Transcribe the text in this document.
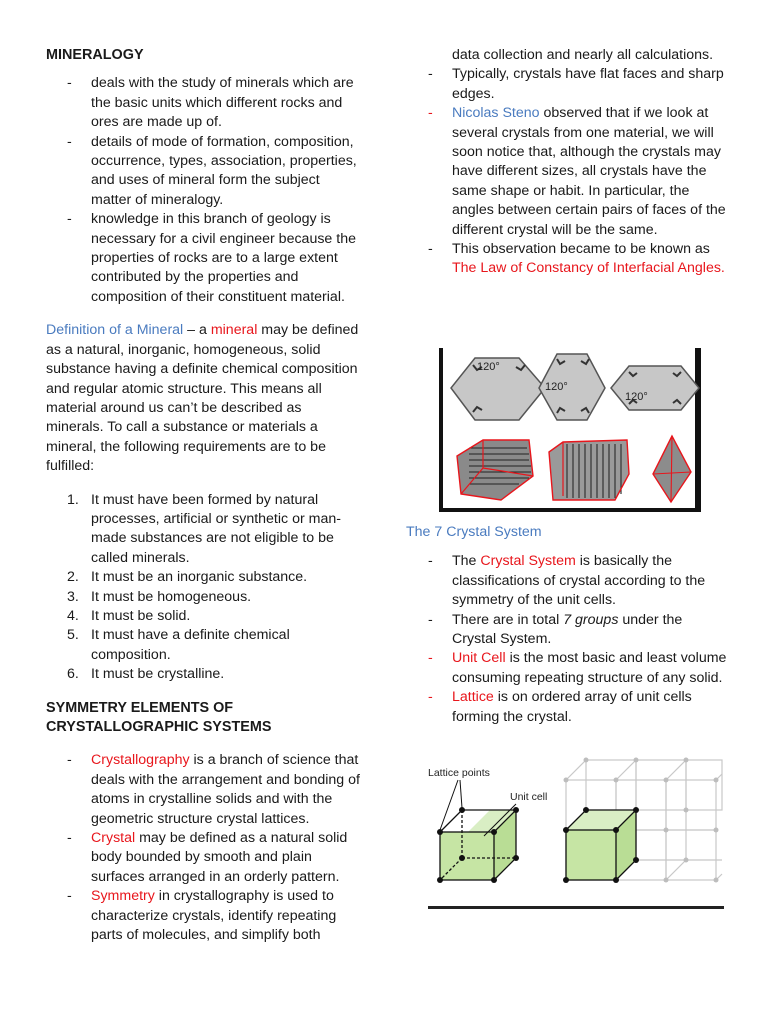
MINERALOGY
- deals with the study of minerals which are the basic units which different rocks and ores are made up of.
- details of mode of formation, composition, occurrence, types, association, properties, and uses of mineral form the subject matter of mineralogy.
- knowledge in this branch of geology is necessary for a civil engineer because the properties of rocks are to a large extent contributed by the properties and composition of their constituent material.

Definition of a Mineral – a mineral may be defined as a natural, inorganic, homogeneous, solid substance having a definite chemical composition and regular atomic structure. This means all material around us can’t be described as minerals. To call a substance or materials a mineral, the following requirements are to be fulfilled:

1. It must have been formed by natural processes, artificial or synthetic or man-made substances are not eligible to be called minerals.
2. It must be an inorganic substance.
3. It must be homogeneous.
4. It must be solid.
5. It must have a definite chemical composition.
6. It must be crystalline.
SYMMETRY ELEMENTS OF CRYSTALLOGRAPHIC SYSTEMS
- Crystallography is a branch of science that deals with the arrangement and bonding of atoms in crystalline solids and with the geometric structure crystal lattices.
- Crystal may be defined as a natural solid body bounded by smooth and plain surfaces arranged in an orderly pattern.
- Symmetry in crystallography is used to characterize crystals, identify repeating parts of molecules, and simplify both
data collection and nearly all calculations.
- Typically, crystals have flat faces and sharp edges.
- Nicolas Steno observed that if we look at several crystals from one material, we will soon notice that, although the crystals may have different sizes, all crystals have the same shape or habit. In particular, the angles between certain pairs of faces of the different crystal will be the same.
- This observation became to be known as The Law of Constancy of Interfacial Angles.
120°
120°
120°

The 7 Crystal System

- The Crystal System is basically the classifications of crystal according to the symmetry of the unit cells.
- There are in total 7 groups under the Crystal System.
- Unit Cell is the most basic and least volume consuming repeating structure of any solid.
- Lattice is on ordered array of unit cells forming the crystal.
Lattice points
Unit cell
